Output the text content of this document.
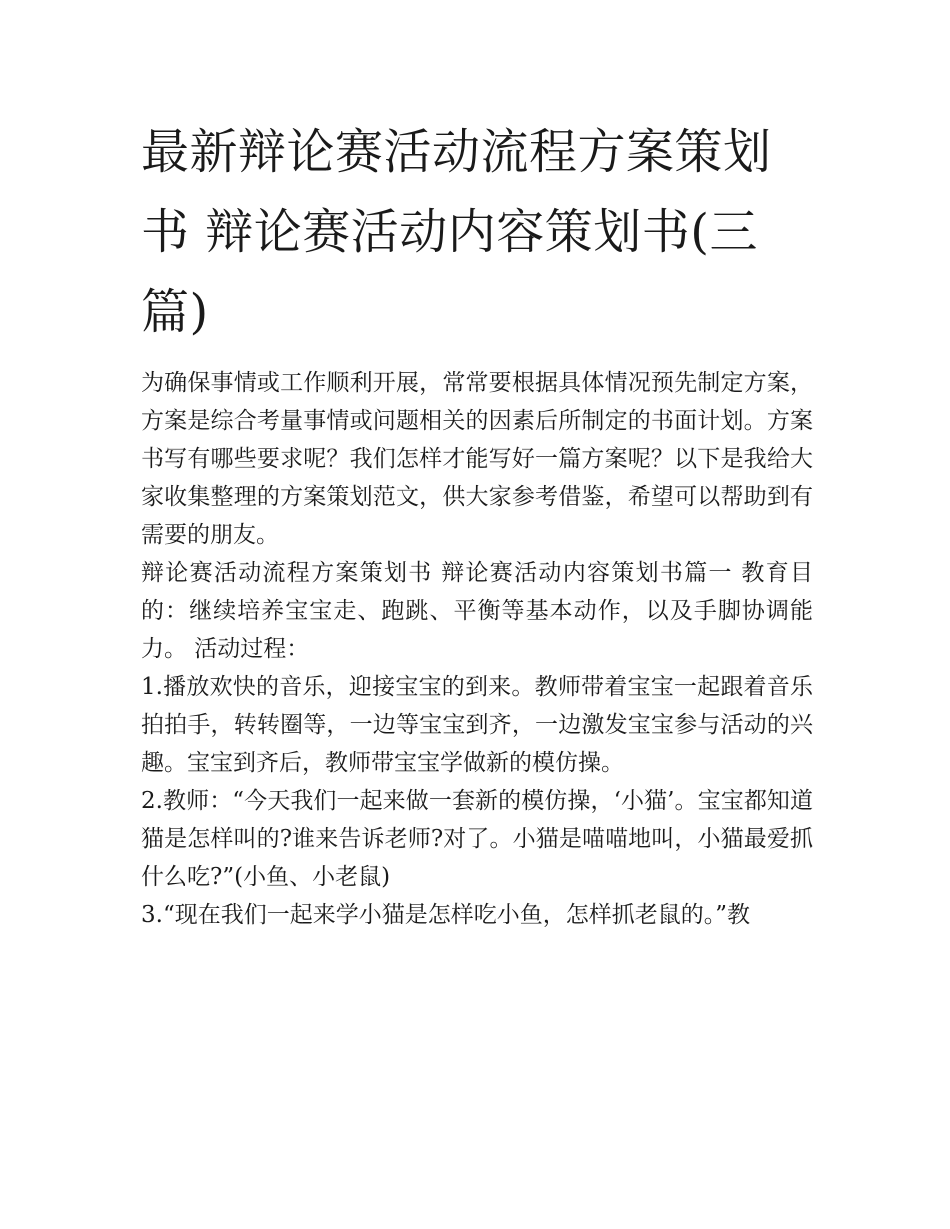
最新辩论赛活动流程方案策划书 辩论赛活动内容策划书(三篇)

为确保事情或工作顺利开展，常常要根据具体情况预先制定方案，方案是综合考量事情或问题相关的因素后所制定的书面计划。方案书写有哪些要求呢？我们怎样才能写好一篇方案呢？以下是我给大家收集整理的方案策划范文，供大家参考借鉴，希望可以帮助到有需要的朋友。

辩论赛活动流程方案策划书 辩论赛活动内容策划书篇一 教育目的：继续培养宝宝走、跑跳、平衡等基本动作，以及手脚协调能力。 活动过程：

1.播放欢快的音乐，迎接宝宝的到来。教师带着宝宝一起跟着音乐拍拍手，转转圈等，一边等宝宝到齐，一边激发宝宝参与活动的兴趣。宝宝到齐后，教师带宝宝学做新的模仿操。

2.教师：“今天我们一起来做一套新的模仿操，‘小猫’。宝宝都知道猫是怎样叫的?谁来告诉老师?对了。小猫是喵喵地叫，小猫最爱抓什么吃?”(小鱼、小老鼠)

3.“现在我们一起来学小猫是怎样吃小鱼，怎样抓老鼠的。”教
